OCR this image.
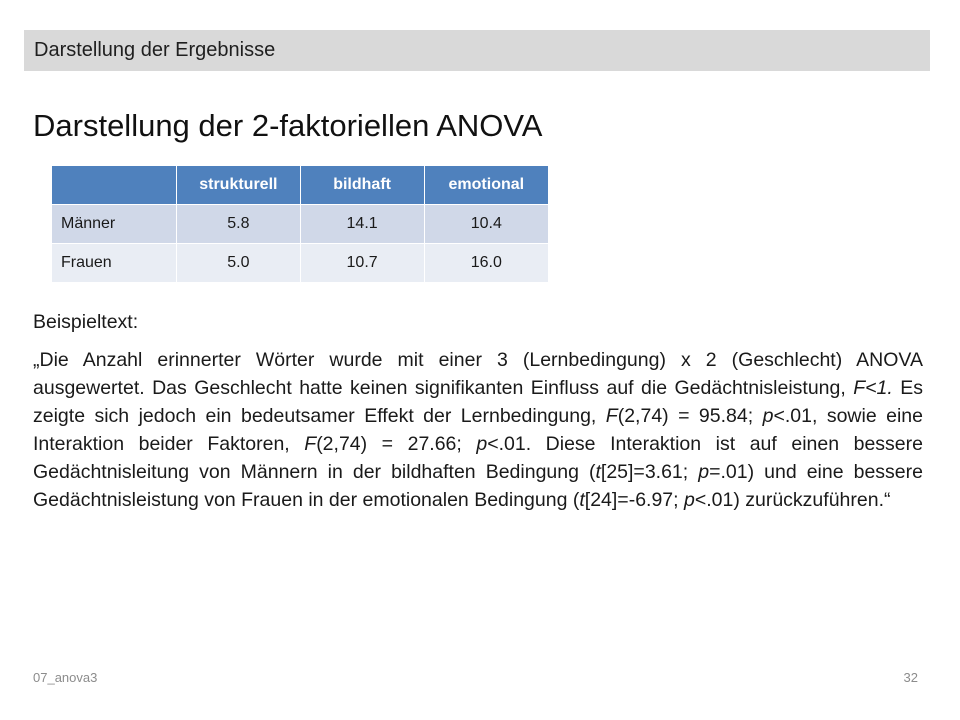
Darstellung der Ergebnisse
Darstellung der 2-faktoriellen ANOVA
	strukturell	bildhaft	emotional
Männer	5.8	14.1	10.4
Frauen	5.0	10.7	16.0

Beispieltext:

„Die Anzahl erinnerter Wörter wurde mit einer 3 (Lernbedingung) x 2 (Geschlecht) ANOVA ausgewertet. Das Geschlecht hatte keinen signifikanten Einfluss auf die Gedächtnisleistung, F<1. Es zeigte sich jedoch ein bedeutsamer Effekt der Lernbedingung, F(2,74) = 95.84; p<.01, sowie eine Interaktion beider Faktoren, F(2,74) = 27.66; p<.01. Diese Interaktion ist auf einen bessere Gedächtnisleitung von Männern in der bildhaften Bedingung (t[25]=3.61; p=.01) und eine bessere Gedächtnisleistung von Frauen in der emotionalen Bedingung (t[24]=-6.97; p<.01) zurückzuführen.“

07_anova3	32
